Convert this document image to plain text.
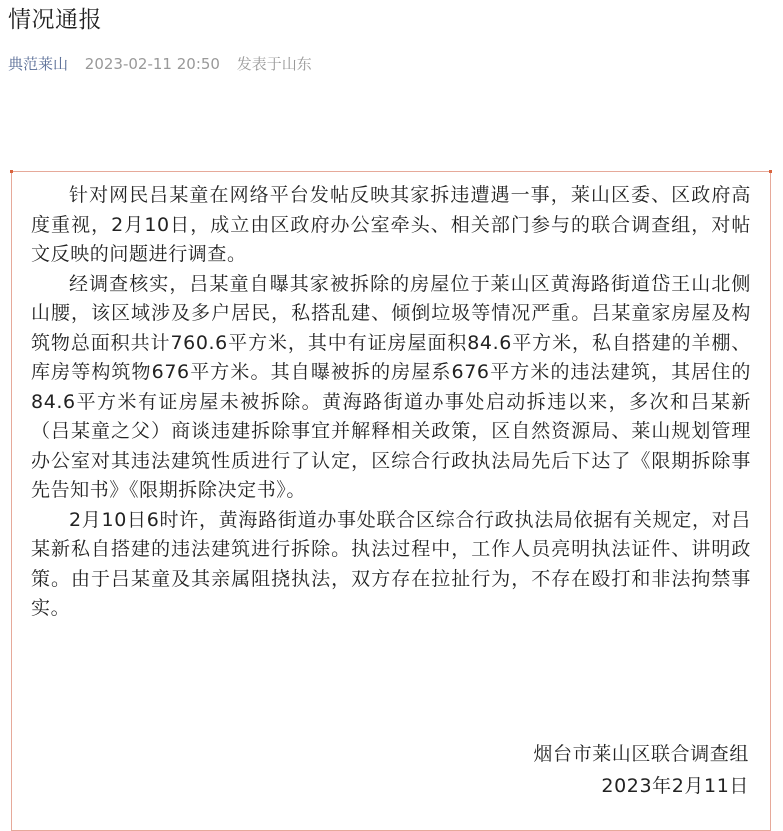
情况通报
典范莱山 2023-02-11 20:50 发表于山东

针对网民吕某童在网络平台发帖反映其家拆违遭遇一事，莱山区委、区政府高度重视，2月10日，成立由区政府办公室牵头、相关部门参与的联合调查组，对帖文反映的问题进行调查。

经调查核实，吕某童自曝其家被拆除的房屋位于莱山区黄海路街道岱王山北侧山腰，该区域涉及多户居民，私搭乱建、倾倒垃圾等情况严重。吕某童家房屋及构筑物总面积共计760.6平方米，其中有证房屋面积84.6平方米，私自搭建的羊棚、库房等构筑物676平方米。其自曝被拆的房屋系676平方米的违法建筑，其居住的84.6平方米有证房屋未被拆除。黄海路街道办事处启动拆违以来，多次和吕某新（吕某童之父）商谈违建拆除事宜并解释相关政策，区自然资源局、莱山规划管理办公室对其违法建筑性质进行了认定，区综合行政执法局先后下达了《限期拆除事先告知书》《限期拆除决定书》。

2月10日6时许，黄海路街道办事处联合区综合行政执法局依据有关规定，对吕某新私自搭建的违法建筑进行拆除。执法过程中，工作人员亮明执法证件、讲明政策。由于吕某童及其亲属阻挠执法，双方存在拉扯行为，不存在殴打和非法拘禁事实。

烟台市莱山区联合调查组
2023年2月11日
